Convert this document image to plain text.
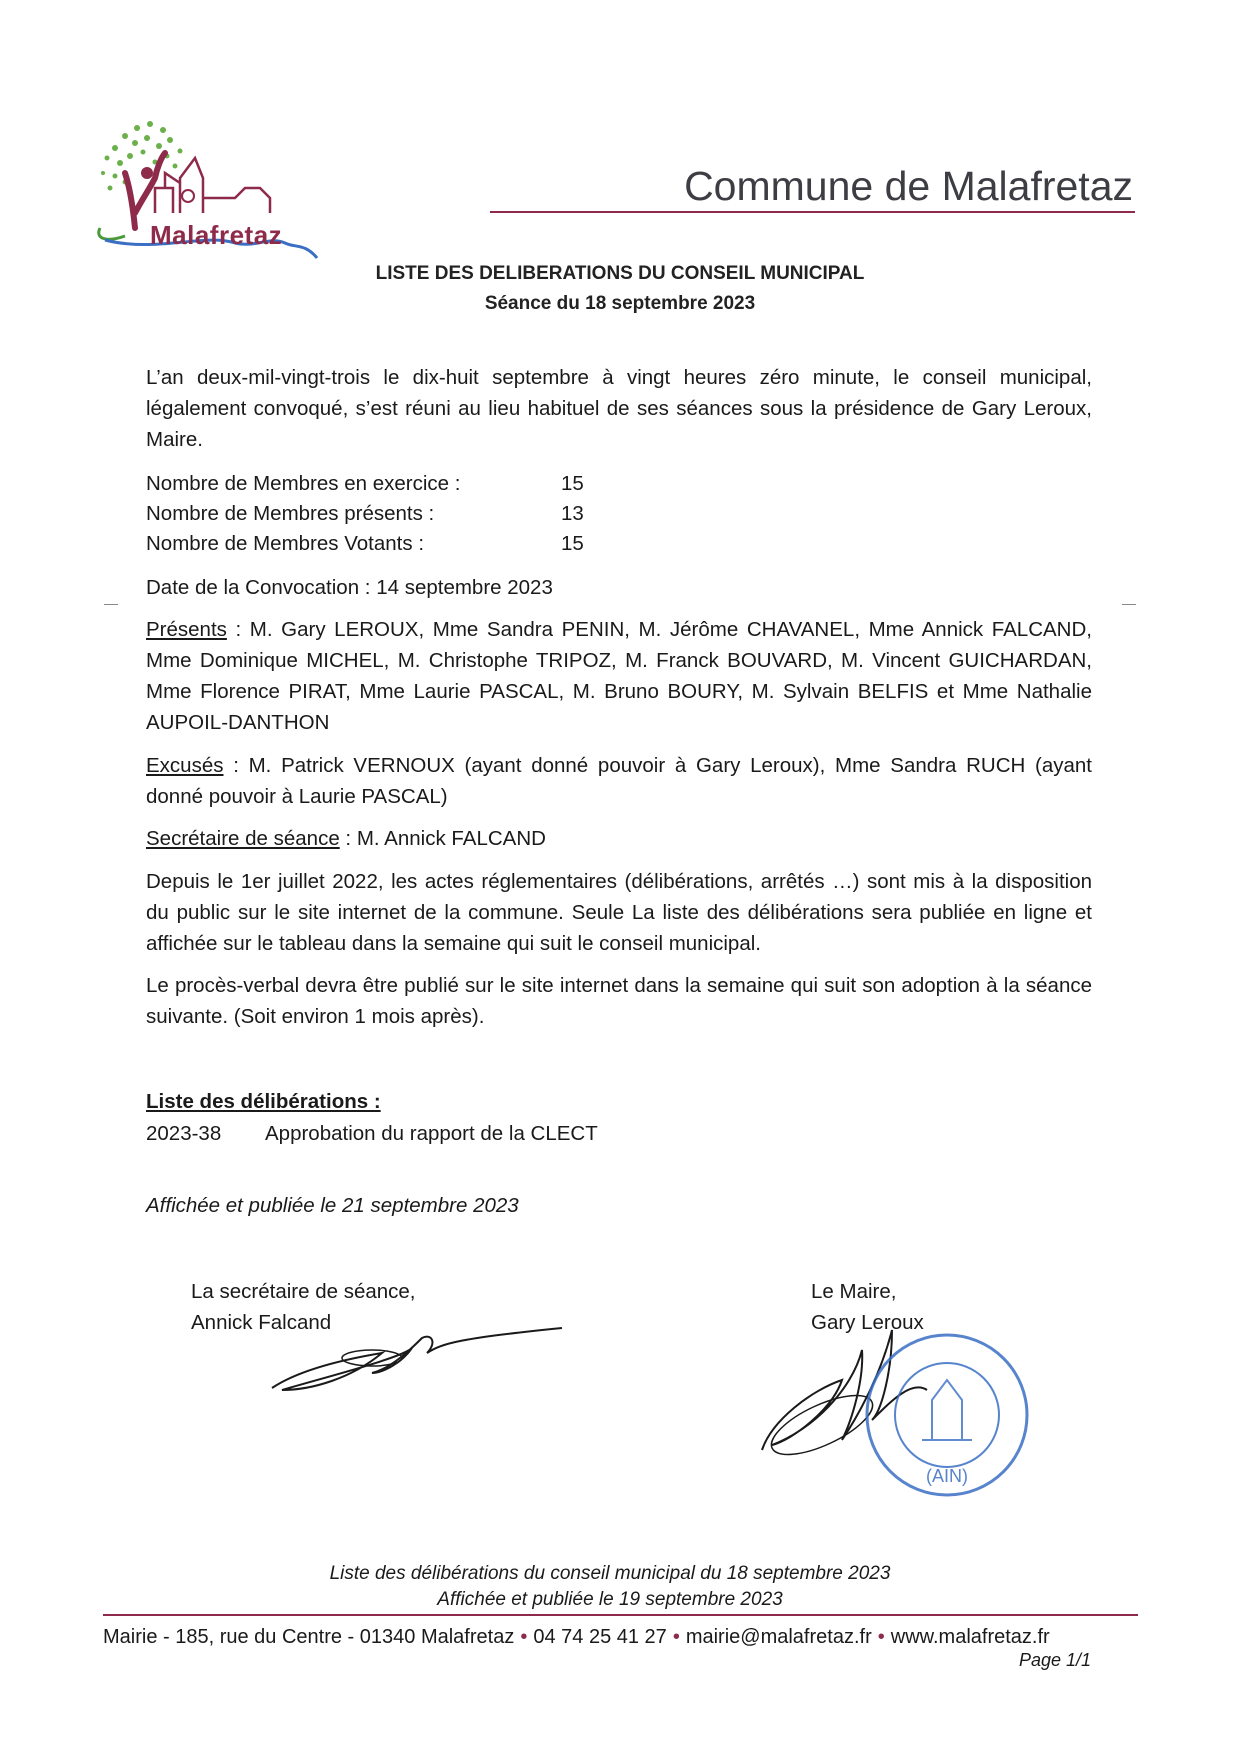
Malafretaz
Commune de Malafretaz
LISTE DES DELIBERATIONS DU CONSEIL MUNICIPAL
Séance du 18 septembre 2023
L’an deux-mil-vingt-trois le dix-huit septembre à vingt heures zéro minute, le conseil municipal, légalement convoqué, s’est réuni au lieu habituel de ses séances sous la présidence de Gary Leroux, Maire.
Nombre de Membres en exercice :	15
Nombre de Membres présents :	13
Nombre de Membres Votants :	15
Date de la Convocation : 14 septembre 2023
Présents : M. Gary LEROUX, Mme Sandra PENIN, M. Jérôme CHAVANEL, Mme Annick FALCAND, Mme Dominique MICHEL, M. Christophe TRIPOZ, M. Franck BOUVARD, M. Vincent GUICHARDAN, Mme Florence PIRAT, Mme Laurie PASCAL, M. Bruno BOURY, M. Sylvain BELFIS et Mme Nathalie AUPOIL-DANTHON
Excusés : M. Patrick VERNOUX (ayant donné pouvoir à Gary Leroux), Mme Sandra RUCH (ayant donné pouvoir à Laurie PASCAL)
Secrétaire de séance : M. Annick FALCAND
Depuis le 1er juillet 2022, les actes réglementaires (délibérations, arrêtés …) sont mis à la disposition du public sur le site internet de la commune. Seule La liste des délibérations sera publiée en ligne et affichée sur le tableau dans la semaine qui suit le conseil municipal.
Le procès-verbal devra être publié sur le site internet dans la semaine qui suit son adoption à la séance suivante. (Soit environ 1 mois après).
Liste des délibérations :
2023-38 Approbation du rapport de la CLECT
Affichée et publiée le 21 septembre 2023
La secrétaire de séance,
Annick Falcand
Le Maire,
Gary Leroux
(AIN)
Liste des délibérations du conseil municipal du 18 septembre 2023
Affichée et publiée le 19 septembre 2023
Mairie - 185, rue du Centre - 01340 Malafretaz • 04 74 25 41 27 • mairie@malafretaz.fr • www.malafretaz.fr
Page 1/1
